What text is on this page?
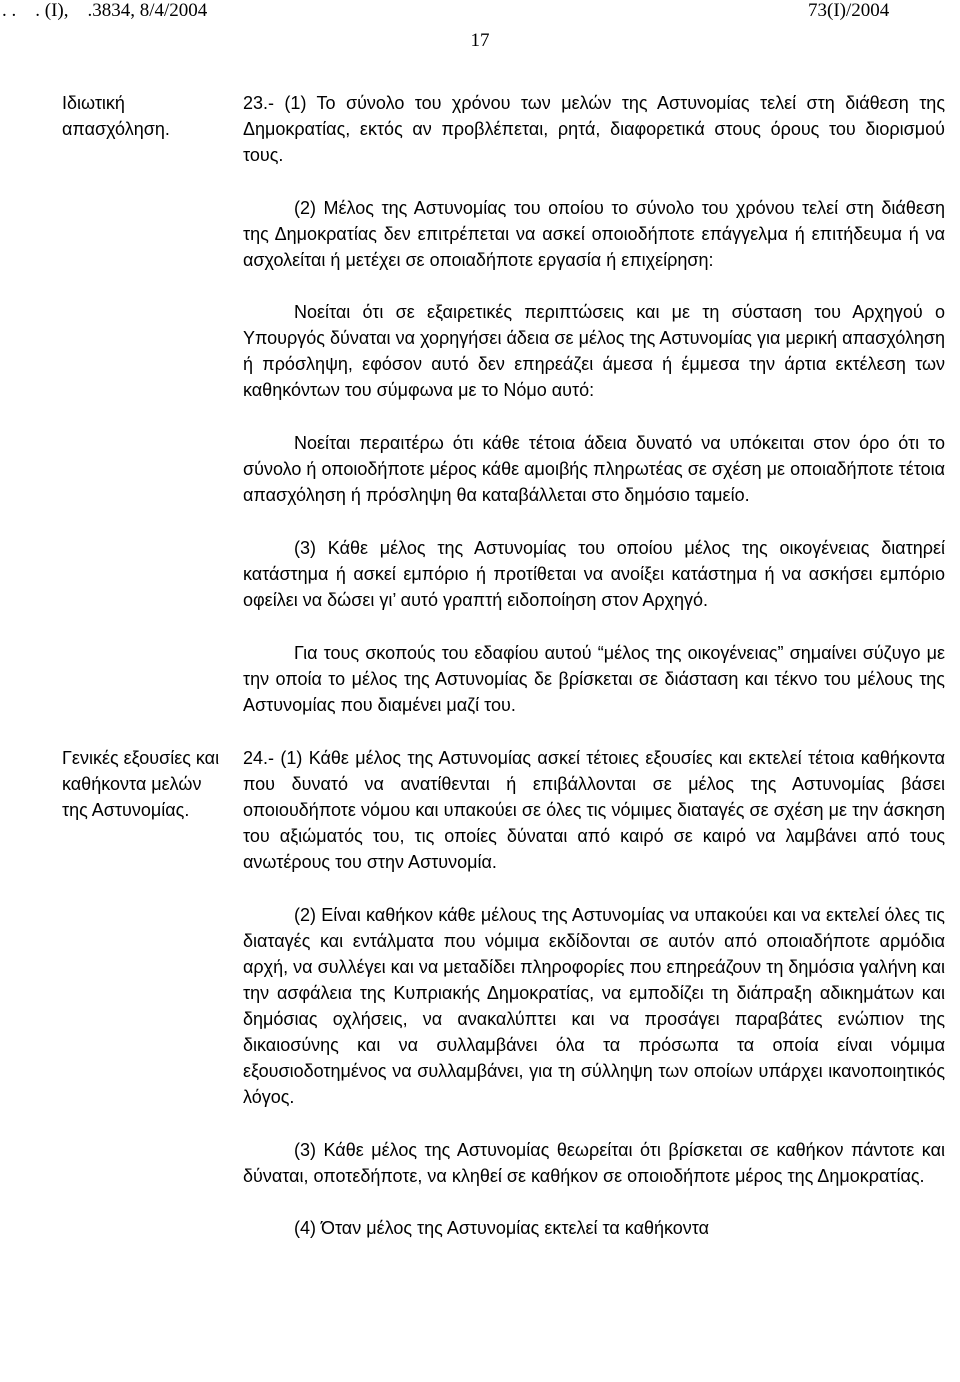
. .    . (I),    .3834, 8/4/2004	73(I)/2004
17
Ιδιωτική απασχόληση.

23.- (1) Το σύνολο του χρόνου των μελών της Αστυνομίας τελεί στη διάθεση της Δημοκρατίας, εκτός αν προβλέπεται, ρητά, διαφορετικά στους όρους του διορισμού τους.

(2) Μέλος της Αστυνομίας του οποίου το σύνολο του χρόνου τελεί στη διάθεση της Δημοκρατίας δεν επιτρέπεται να ασκεί οποιοδήποτε επάγγελμα ή επιτήδευμα ή να ασχολείται ή μετέχει σε οποιαδήποτε εργασία ή επιχείρηση:

Νοείται ότι σε εξαιρετικές περιπτώσεις και με τη σύσταση του Αρχηγού ο Υπουργός δύναται να χορηγήσει άδεια σε μέλος της Αστυνομίας για μερική απασχόληση ή πρόσληψη, εφόσον αυτό δεν επηρεάζει άμεσα ή έμμεσα την άρτια εκτέλεση των καθηκόντων του σύμφωνα με το Νόμο αυτό:

Νοείται περαιτέρω ότι κάθε τέτοια άδεια δυνατό να υπόκειται στον όρο ότι το σύνολο ή οποιοδήποτε μέρος κάθε αμοιβής πληρωτέας σε σχέση με οποιαδήποτε τέτοια απασχόληση ή πρόσληψη θα καταβάλλεται στο δημόσιο ταμείο.

(3) Κάθε μέλος της Αστυνομίας του οποίου μέλος της οικογένειας διατηρεί κατάστημα ή ασκεί εμπόριο ή προτίθεται να ανοίξει κατάστημα ή να ασκήσει εμπόριο οφείλει να δώσει γι’ αυτό γραπτή ειδοποίηση στον Αρχηγό.

Για τους σκοπούς του εδαφίου αυτού “μέλος της οικογένειας” σημαίνει σύζυγο με την οποία το μέλος της Αστυνομίας δε βρίσκεται σε διάσταση και τέκνο του μέλους της Αστυνομίας που διαμένει μαζί του.

Γενικές εξουσίες και καθήκοντα μελών της Αστυνομίας.

24.- (1) Κάθε μέλος της Αστυνομίας ασκεί τέτοιες εξουσίες και εκτελεί τέτοια καθήκοντα που δυνατό να ανατίθενται ή επιβάλλονται σε μέλος της Αστυνομίας βάσει οποιουδήποτε νόμου και υπακούει σε όλες τις νόμιμες διαταγές σε σχέση με την άσκηση του αξιώματός του, τις οποίες δύναται από καιρό σε καιρό να λαμβάνει από τους ανωτέρους του στην Αστυνομία.

(2) Είναι καθήκον κάθε μέλους της Αστυνομίας να υπακούει και να εκτελεί όλες τις διαταγές και εντάλματα που νόμιμα εκδίδονται σε αυτόν από οποιαδήποτε αρμόδια αρχή, να συλλέγει και να μεταδίδει πληροφορίες που επηρεάζουν τη δημόσια γαλήνη και την ασφάλεια της Κυπριακής Δημοκρατίας, να εμποδίζει τη διάπραξη αδικημάτων και δημόσιας οχλήσεις, να ανακαλύπτει και να προσάγει παραβάτες ενώπιον της δικαιοσύνης και να συλλαμβάνει όλα τα πρόσωπα τα οποία είναι νόμιμα εξουσιοδοτημένος να συλλαμβάνει, για τη σύλληψη των οποίων υπάρχει ικανοποιητικός λόγος.

(3) Κάθε μέλος της Αστυνομίας θεωρείται ότι βρίσκεται σε καθήκον πάντοτε και δύναται, οποτεδήποτε, να κληθεί σε καθήκον σε οποιοδήποτε μέρος της Δημοκρατίας.

(4) Όταν μέλος της Αστυνομίας εκτελεί τα καθήκοντα
